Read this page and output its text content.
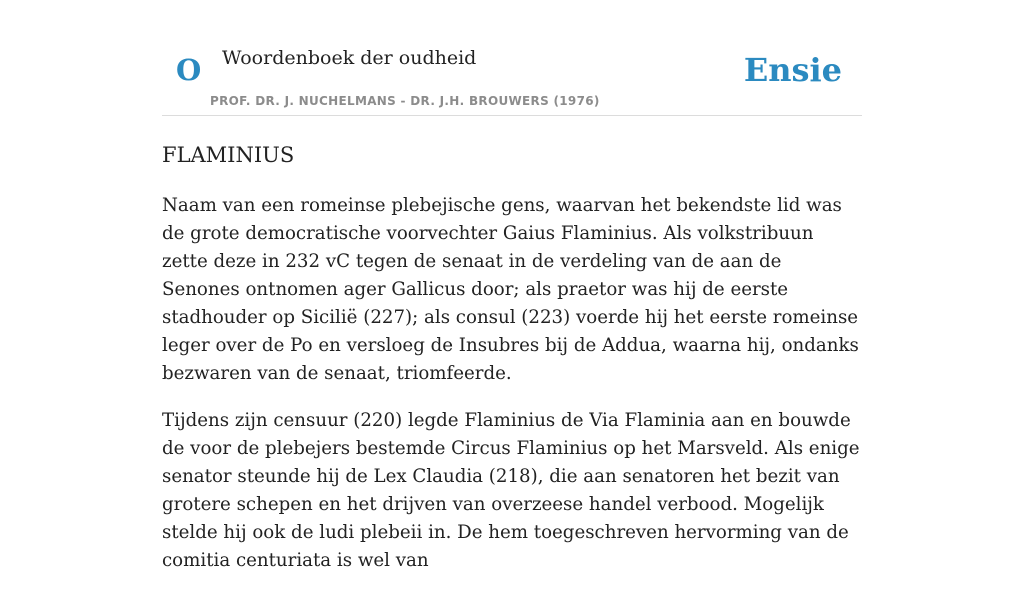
O Woordenboek der oudheid
PROF. DR. J. NUCHELMANS - DR. J.H. BROUWERS (1976)
Ensie
FLAMINIUS

Naam van een romeinse plebejische gens, waarvan het bekendste lid was de grote democratische voorvechter Gaius Flaminius. Als volkstribuun zette deze in 232 vC tegen de senaat in de verdeling van de aan de Senones ontnomen ager Gallicus door; als praetor was hij de eerste stadhouder op Sicilië (227); als consul (223) voerde hij het eerste romeinse leger over de Po en versloeg de Insubres bij de Addua, waarna hij, ondanks bezwaren van de senaat, triomfeerde.

Tijdens zijn censuur (220) legde Flaminius de Via Flaminia aan en bouwde de voor de plebejers bestemde Circus Flaminius op het Marsveld. Als enige senator steunde hij de Lex Claudia (218), die aan senatoren het bezit van grotere schepen en het drijven van overzeese handel verbood. Mogelijk stelde hij ook de ludi plebeii in. De hem toegeschreven hervorming van de comitia centuriata is wel van
